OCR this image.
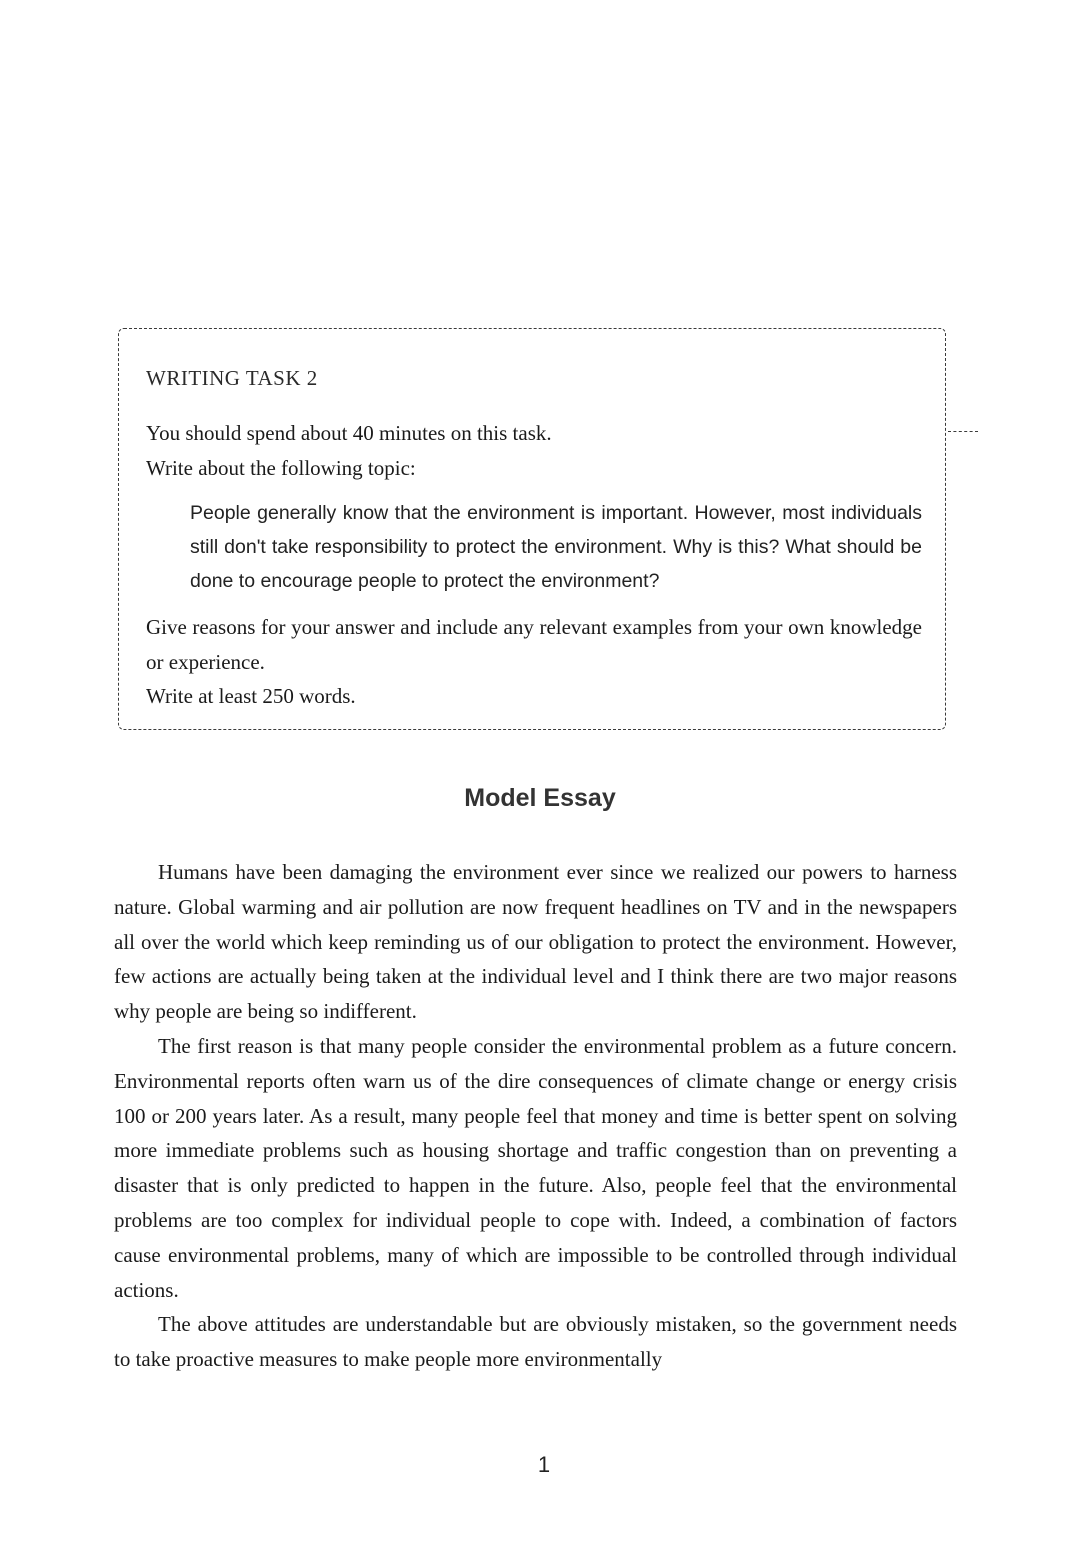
WRITING TASK 2
You should spend about 40 minutes on this task.
Write about the following topic:
People generally know that the environment is important. However, most individuals still don't take responsibility to protect the environment. Why is this? What should be done to encourage people to protect the environment?
Give reasons for your answer and include any relevant examples from your own knowledge or experience.
Write at least 250 words.
Model Essay

Humans have been damaging the environment ever since we realized our powers to harness nature. Global warming and air pollution are now frequent headlines on TV and in the newspapers all over the world which keep reminding us of our obligation to protect the environment. However, few actions are actually being taken at the individual level and I think there are two major reasons why people are being so indifferent.

The first reason is that many people consider the environmental problem as a future concern. Environmental reports often warn us of the dire consequences of climate change or energy crisis 100 or 200 years later. As a result, many people feel that money and time is better spent on solving more immediate problems such as housing shortage and traffic congestion than on preventing a disaster that is only predicted to happen in the future. Also, people feel that the environmental problems are too complex for individual people to cope with. Indeed, a combination of factors cause environmental problems, many of which are impossible to be controlled through individual actions.

The above attitudes are understandable but are obviously mistaken, so the government needs to take proactive measures to make people more environmentally

1
